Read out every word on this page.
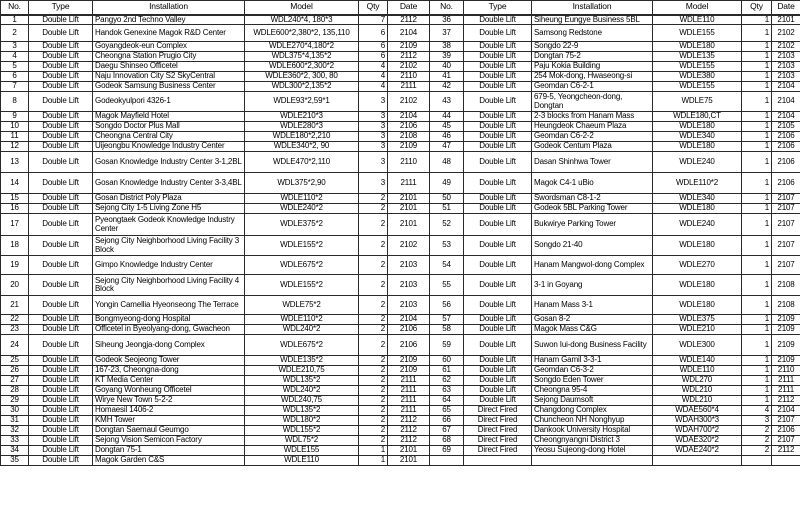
No.	Type	Installation	Model	Qty	Date	No.	Type	Installation	Model	Qty	Date
1	Double Lift	Pangyo 2nd Techno Valley	WDL240*4, 180*3	7	2112	36	Double Lift	Siheung Eungye Business 5BL	WDLE110	1	2101
2	Double Lift	Handok Genexine Magok R&D Center	WDLE600*2,380*2, 135,110	6	2104	37	Double Lift	Samsong Redstone	WDLE155	1	2102
3	Double Lift	Goyangdeok-eun Complex	WDLE270*4,180*2	6	2109	38	Double Lift	Songdo 22-9	WDLE180	1	2102
4	Double Lift	Cheongna Station Prugio City	WDL375*4,135*2	6	2112	39	Double Lift	Dongtan 75-2	WDLE135	1	2103
5	Double Lift	Daegu Shinseo Officetel	WDLE600*2,300*2	4	2102	40	Double Lift	Paju Kokia Building	WDLE155	1	2103
6	Double Lift	Naju Innovation City S2 SkyCentral	WDLE360*2, 300, 80	4	2110	41	Double Lift	254 Mok-dong, Hwaseong-si	WDLE380	1	2103
7	Double Lift	Godeok Samsung Business Center	WDL300*2,135*2	4	2111	42	Double Lift	Geomdan C6-2-1	WDLE155	1	2104
8	Double Lift	Godeokyulpori 4326-1	WDLE93*2,59*1	3	2102	43	Double Lift	679-5, Yeongcheon-dong, Dongtan	WDLE75	1	2104
9	Double Lift	Magok Mayfield Hotel	WDLE210*3	3	2104	44	Double Lift	2-3 blocks from Hanam Mass	WDLE180,CT	1	2104
10	Double Lift	Songdo Doctor Plus Mall	WDLE280*3	3	2106	45	Double Lift	Heungdeok Chaeum Plaza	WDLE180	1	2105
11	Double Lift	Cheongna Central City	WDLE180*2,210	3	2108	46	Double Lift	Geomdan C6-2-2	WDLE340	1	2106
12	Double Lift	Uijeongbu Knowledge Industry Center	WDLE340*2, 90	3	2109	47	Double Lift	Godeok Centum Plaza	WDLE180	1	2106
13	Double Lift	Gosan Knowledge Industry Center 3-1,2BL	WDLE470*2,110	3	2110	48	Double Lift	Dasan Shinhwa Tower	WDLE240	1	2106
14	Double Lift	Gosan Knowledge Industry Center 3-3,4BL	WDL375*2,90	3	2111	49	Double Lift	Magok C4-1 uBio	WDLE110*2	1	2106
15	Double Lift	Gosan District Poly Plaza	WDLE110*2	2	2101	50	Double Lift	Swordsman C8-1-2	WDLE340	1	2107
16	Double Lift	Sejong City 1-5 Living Zone H5	WDLE240*2	2	2101	51	Double Lift	Godeok 5BL Parking Tower	WDLE180	1	2107
17	Double Lift	Pyeongtaek Godeok Knowledge Industry Center	WDLE375*2	2	2101	52	Double Lift	Bukwirye Parking Tower	WDLE240	1	2107
18	Double Lift	Sejong City Neighborhood Living Facility 3 Block	WDLE155*2	2	2102	53	Double Lift	Songdo 21-40	WDLE180	1	2107
19	Double Lift	Gimpo Knowledge Industry Center	WDLE675*2	2	2103	54	Double Lift	Hanam Mangwol-dong Complex	WDLE270	1	2107
20	Double Lift	Sejong City Neighborhood Living Facility 4 Block	WDLE155*2	2	2103	55	Double Lift	3-1 in Goyang	WDLE180	1	2108
21	Double Lift	Yongin Camellia Hyeonseong The Terrace	WDLE75*2	2	2103	56	Double Lift	Hanam Mass 3-1	WDLE180	1	2108
22	Double Lift	Bongmyeong-dong Hospital	WDLE110*2	2	2104	57	Double Lift	Gosan 8-2	WDLE375	1	2109
23	Double Lift	Officetel in Byeolyang-dong, Gwacheon	WDL240*2	2	2106	58	Double Lift	Magok Mass C&G	WDLE210	1	2109
24	Double Lift	Siheung Jeongja-dong Complex	WDLE675*2	2	2106	59	Double Lift	Suwon Iui-dong Business Facility	WDLE300	1	2109
25	Double Lift	Godeok Seojeong Tower	WDLE135*2	2	2109	60	Double Lift	Hanam Gamil 3-3-1	WDLE140	1	2109
26	Double Lift	167-23, Cheongna-dong	WDLE210,75	2	2109	61	Double Lift	Geomdan C6-3-2	WDLE110	1	2110
27	Double Lift	KT Media Center	WDL135*2	2	2111	62	Double Lift	Songdo Eden Tower	WDL270	1	2111
28	Double Lift	Goyang Wonheung Officetel	WDL240*2	2	2111	63	Double Lift	Cheongna 95-4	WDL210	1	2111
29	Double Lift	Wirye New Town 5-2-2	WDL240,75	2	2111	64	Double Lift	Sejong Daumsoft	WDL210	1	2112
30	Double Lift	Homaesil 1406-2	WDL135*2	2	2111	65	Direct Fired	Changdong Complex	WDAE560*4	4	2104
31	Double Lift	KMH Tower	WDL180*2	2	2112	66	Direct Fired	Chuncheon NH Nonghyup	WDAH300*3	3	2107
32	Double Lift	Dongtan Saemaul Geumgo	WDL155*2	2	2112	67	Direct Fired	Dankook University Hospital	WDAH700*2	2	2106
33	Double Lift	Sejong Vision Semicon Factory	WDL75*2	2	2112	68	Direct Fired	Cheongnyangni District 3	WDAE320*2	2	2107
34	Double Lift	Dongtan 75-1	WDLE155	1	2101	69	Direct Fired	Yeosu Sujeong-dong Hotel	WDAE240*2	2	2112
35	Double Lift	Magok Garden C&S	WDLE110	1	2101						
